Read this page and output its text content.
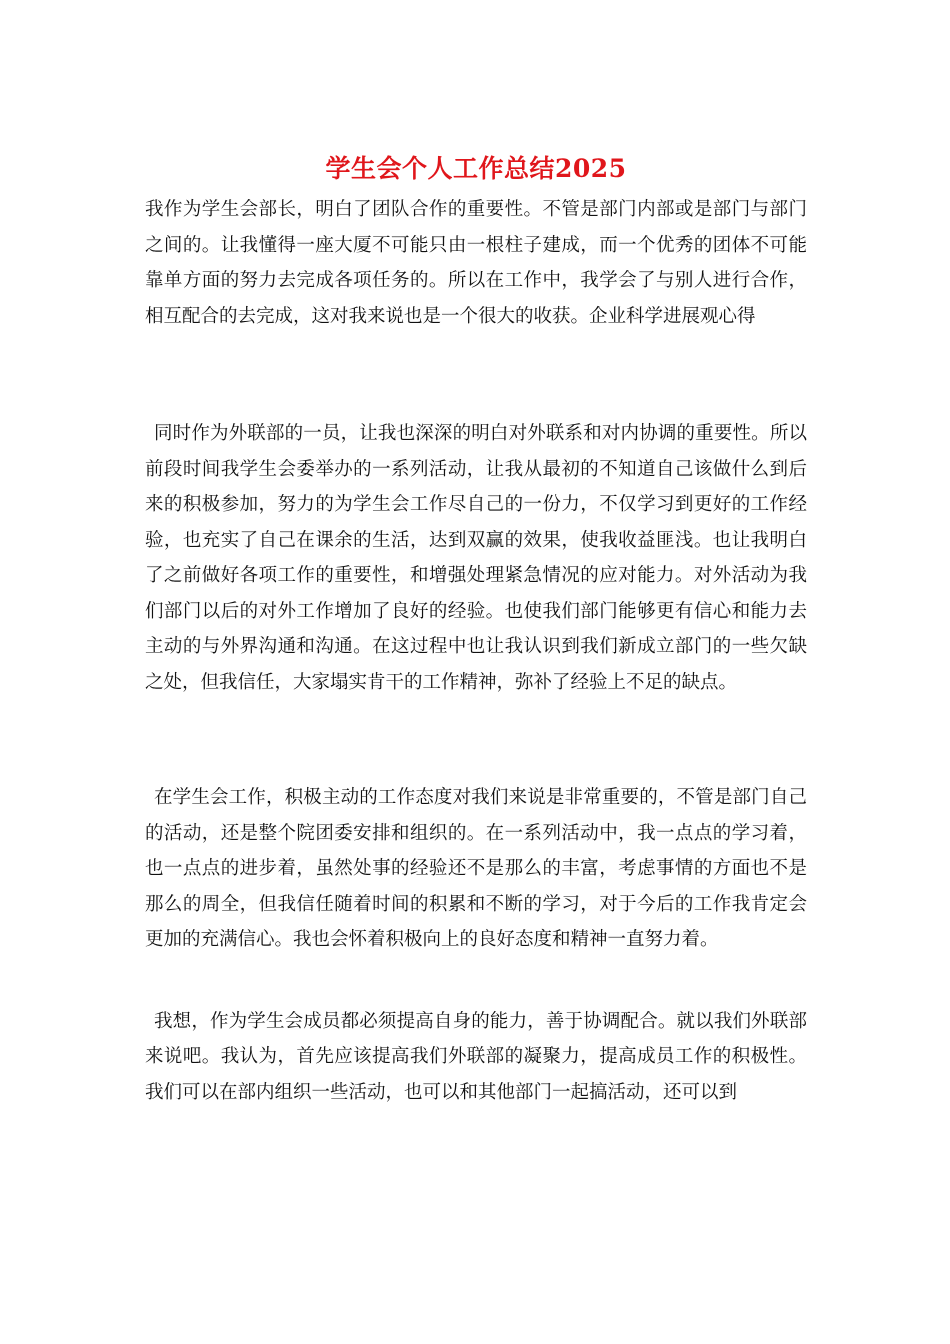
学生会个人工作总结2025

我作为学生会部长，明白了团队合作的重要性。不管是部门内部或是部门与部门之间的。让我懂得一座大厦不可能只由一根柱子建成，而一个优秀的团体不可能靠单方面的努力去完成各项任务的。所以在工作中，我学会了与别人进行合作，相互配合的去完成，这对我来说也是一个很大的收获。企业科学进展观心得

同时作为外联部的一员，让我也深深的明白对外联系和对内协调的重要性。所以前段时间我学生会委举办的一系列活动，让我从最初的不知道自己该做什么到后来的积极参加，努力的为学生会工作尽自己的一份力，不仅学习到更好的工作经验，也充实了自己在课余的生活，达到双赢的效果，使我收益匪浅。也让我明白了之前做好各项工作的重要性，和增强处理紧急情况的应对能力。对外活动为我们部门以后的对外工作增加了良好的经验。也使我们部门能够更有信心和能力去主动的与外界沟通和沟通。在这过程中也让我认识到我们新成立部门的一些欠缺之处，但我信任，大家塌实肯干的工作精神，弥补了经验上不足的缺点。

在学生会工作，积极主动的工作态度对我们来说是非常重要的，不管是部门自己的活动，还是整个院团委安排和组织的。在一系列活动中，我一点点的学习着，也一点点的进步着，虽然处事的经验还不是那么的丰富，考虑事情的方面也不是那么的周全，但我信任随着时间的积累和不断的学习，对于今后的工作我肯定会更加的充满信心。我也会怀着积极向上的良好态度和精神一直努力着。

我想，作为学生会成员都必须提高自身的能力，善于协调配合。就以我们外联部来说吧。我认为，首先应该提高我们外联部的凝聚力，提高成员工作的积极性。我们可以在部内组织一些活动，也可以和其他部门一起搞活动，还可以到
